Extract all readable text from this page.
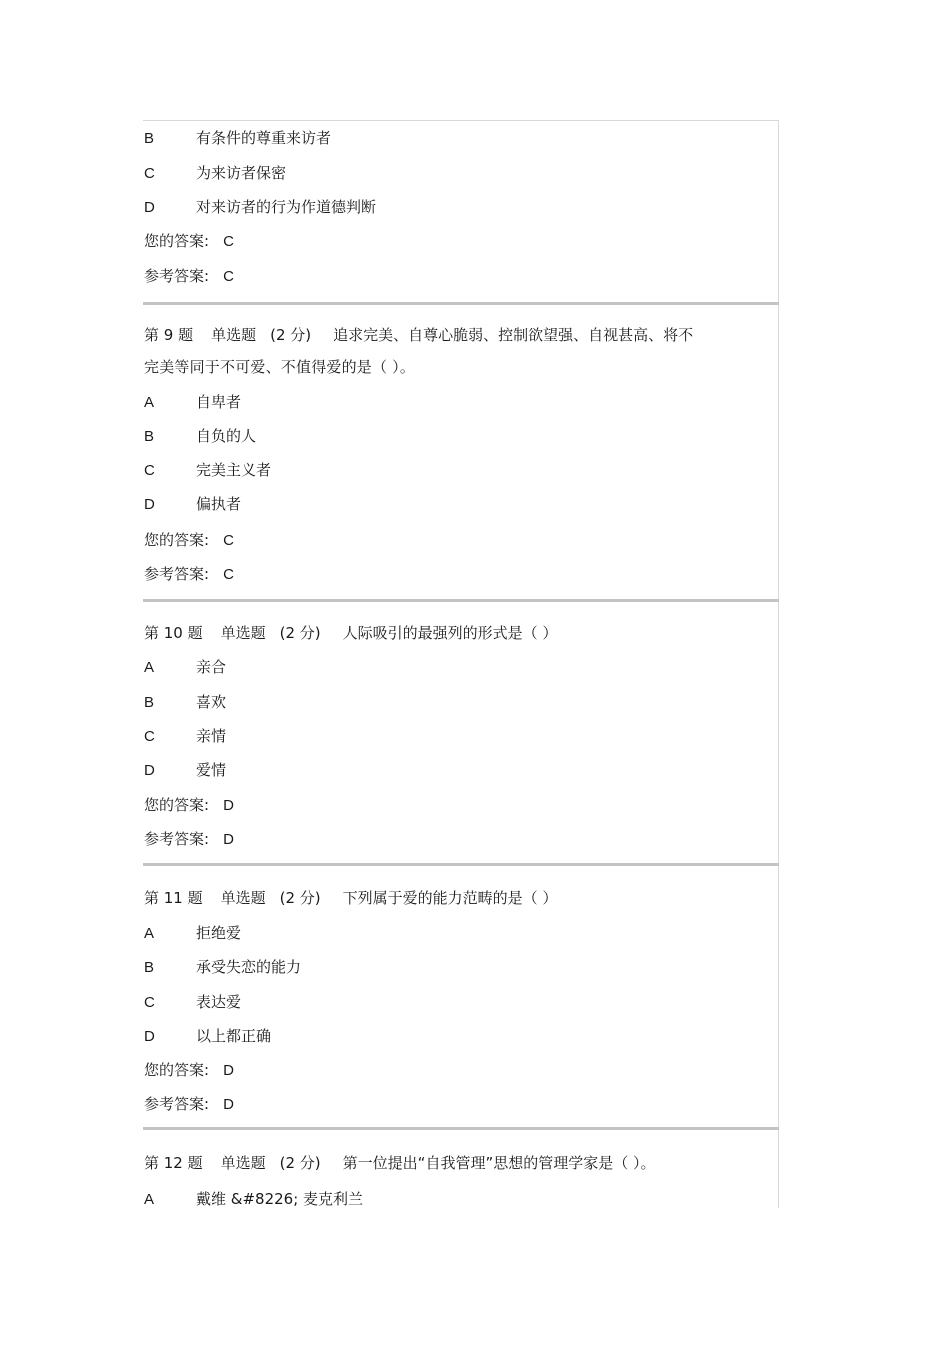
B	有条件的尊重来访者
C	为来访者保密
D	对来访者的行为作道德判断
您的答案: C
参考答案: C
第 9 题 单选题 (2 分) 追求完美、自尊心脆弱、控制欲望强、自视甚高、将不
完美等同于不可爱、不值得爱的是（ ）。
A	自卑者
B	自负的人
C	完美主义者
D	偏执者
您的答案: C
参考答案: C
第 10 题 单选题 (2 分) 人际吸引的最强列的形式是（ ）
A	亲合
B	喜欢
C	亲情
D	爱情
您的答案: D
参考答案: D
第 11 题 单选题 (2 分) 下列属于爱的能力范畴的是（ ）
A	拒绝爱
B	承受失恋的能力
C	表达爱
D	以上都正确
您的答案: D
参考答案: D
第 12 题 单选题 (2 分) 第一位提出“自我管理”思想的管理学家是（ ）。
A	戴维 &#8226; 麦克利兰
